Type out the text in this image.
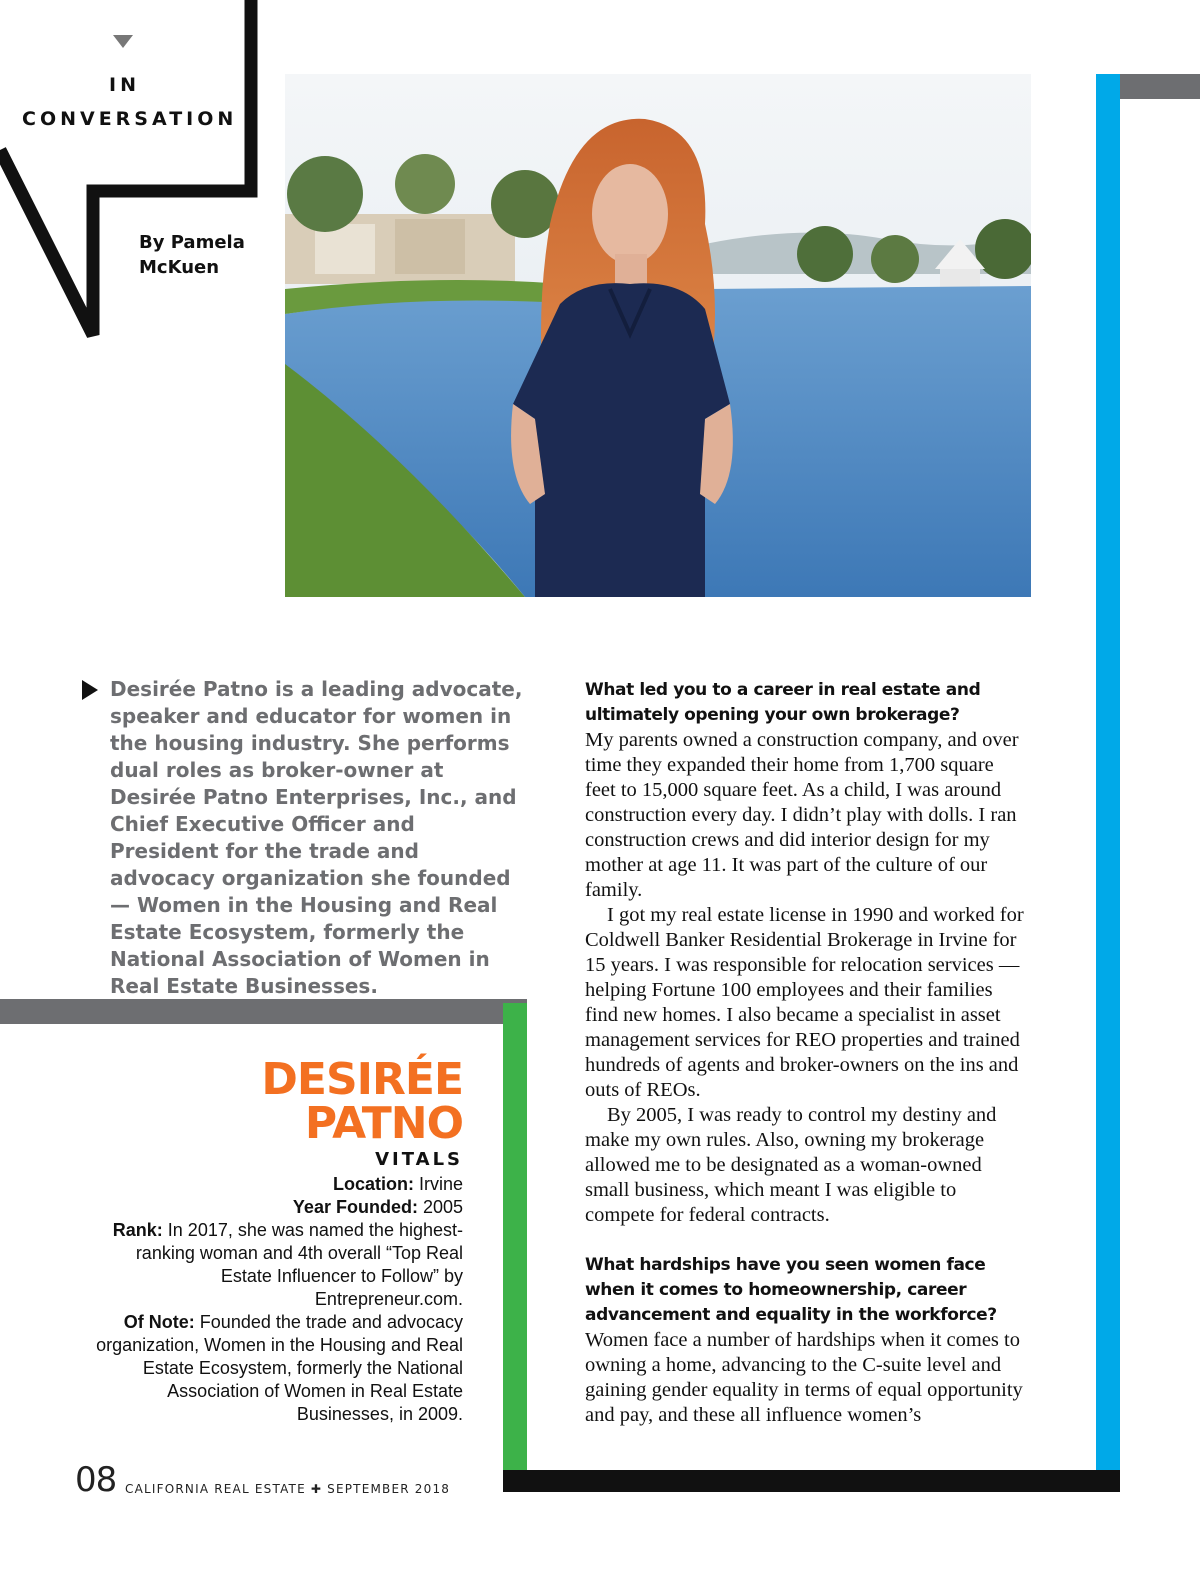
IN
CONVERSATION
By Pamela
McKuen

Desirée Patno is a leading advocate, speaker and educator for women in the housing industry. She performs dual roles as broker-owner at Desirée Patno Enterprises, Inc., and Chief Executive Officer and President for the trade and advocacy organization she founded — Women in the Housing and Real Estate Ecosystem, formerly the National Association of Women in Real Estate Businesses.

DESIRÉE
PATNO
VITALS
Location: Irvine
Year Founded: 2005
Rank: In 2017, she was named the highest-ranking woman and 4th overall “Top Real Estate Influencer to Follow” by Entrepreneur.com.
Of Note: Founded the trade and advocacy organization, Women in the Housing and Real Estate Ecosystem, formerly the National Association of Women in Real Estate Businesses, in 2009.

What led you to a career in real estate and ultimately opening your own brokerage?

My parents owned a construction company, and over time they expanded their home from 1,700 square feet to 15,000 square feet. As a child, I was around construction every day. I didn’t play with dolls. I ran construction crews and did interior design for my mother at age 11. It was part of the culture of our family.

I got my real estate license in 1990 and worked for Coldwell Banker Residential Brokerage in Irvine for 15 years. I was responsible for relocation services — helping Fortune 100 employees and their families find new homes. I also became a specialist in asset management services for REO properties and trained hundreds of agents and broker-owners on the ins and outs of REOs.

By 2005, I was ready to control my destiny and make my own rules. Also, owning my brokerage allowed me to be designated as a woman-owned small business, which meant I was eligible to compete for federal contracts.

What hardships have you seen women face when it comes to homeownership, career advancement and equality in the workforce?

Women face a number of hardships when it comes to owning a home, advancing to the C-suite level and gaining gender equality in terms of equal opportunity and pay, and these all influence women’s

08 CALIFORNIA REAL ESTATE ✚ SEPTEMBER 2018
